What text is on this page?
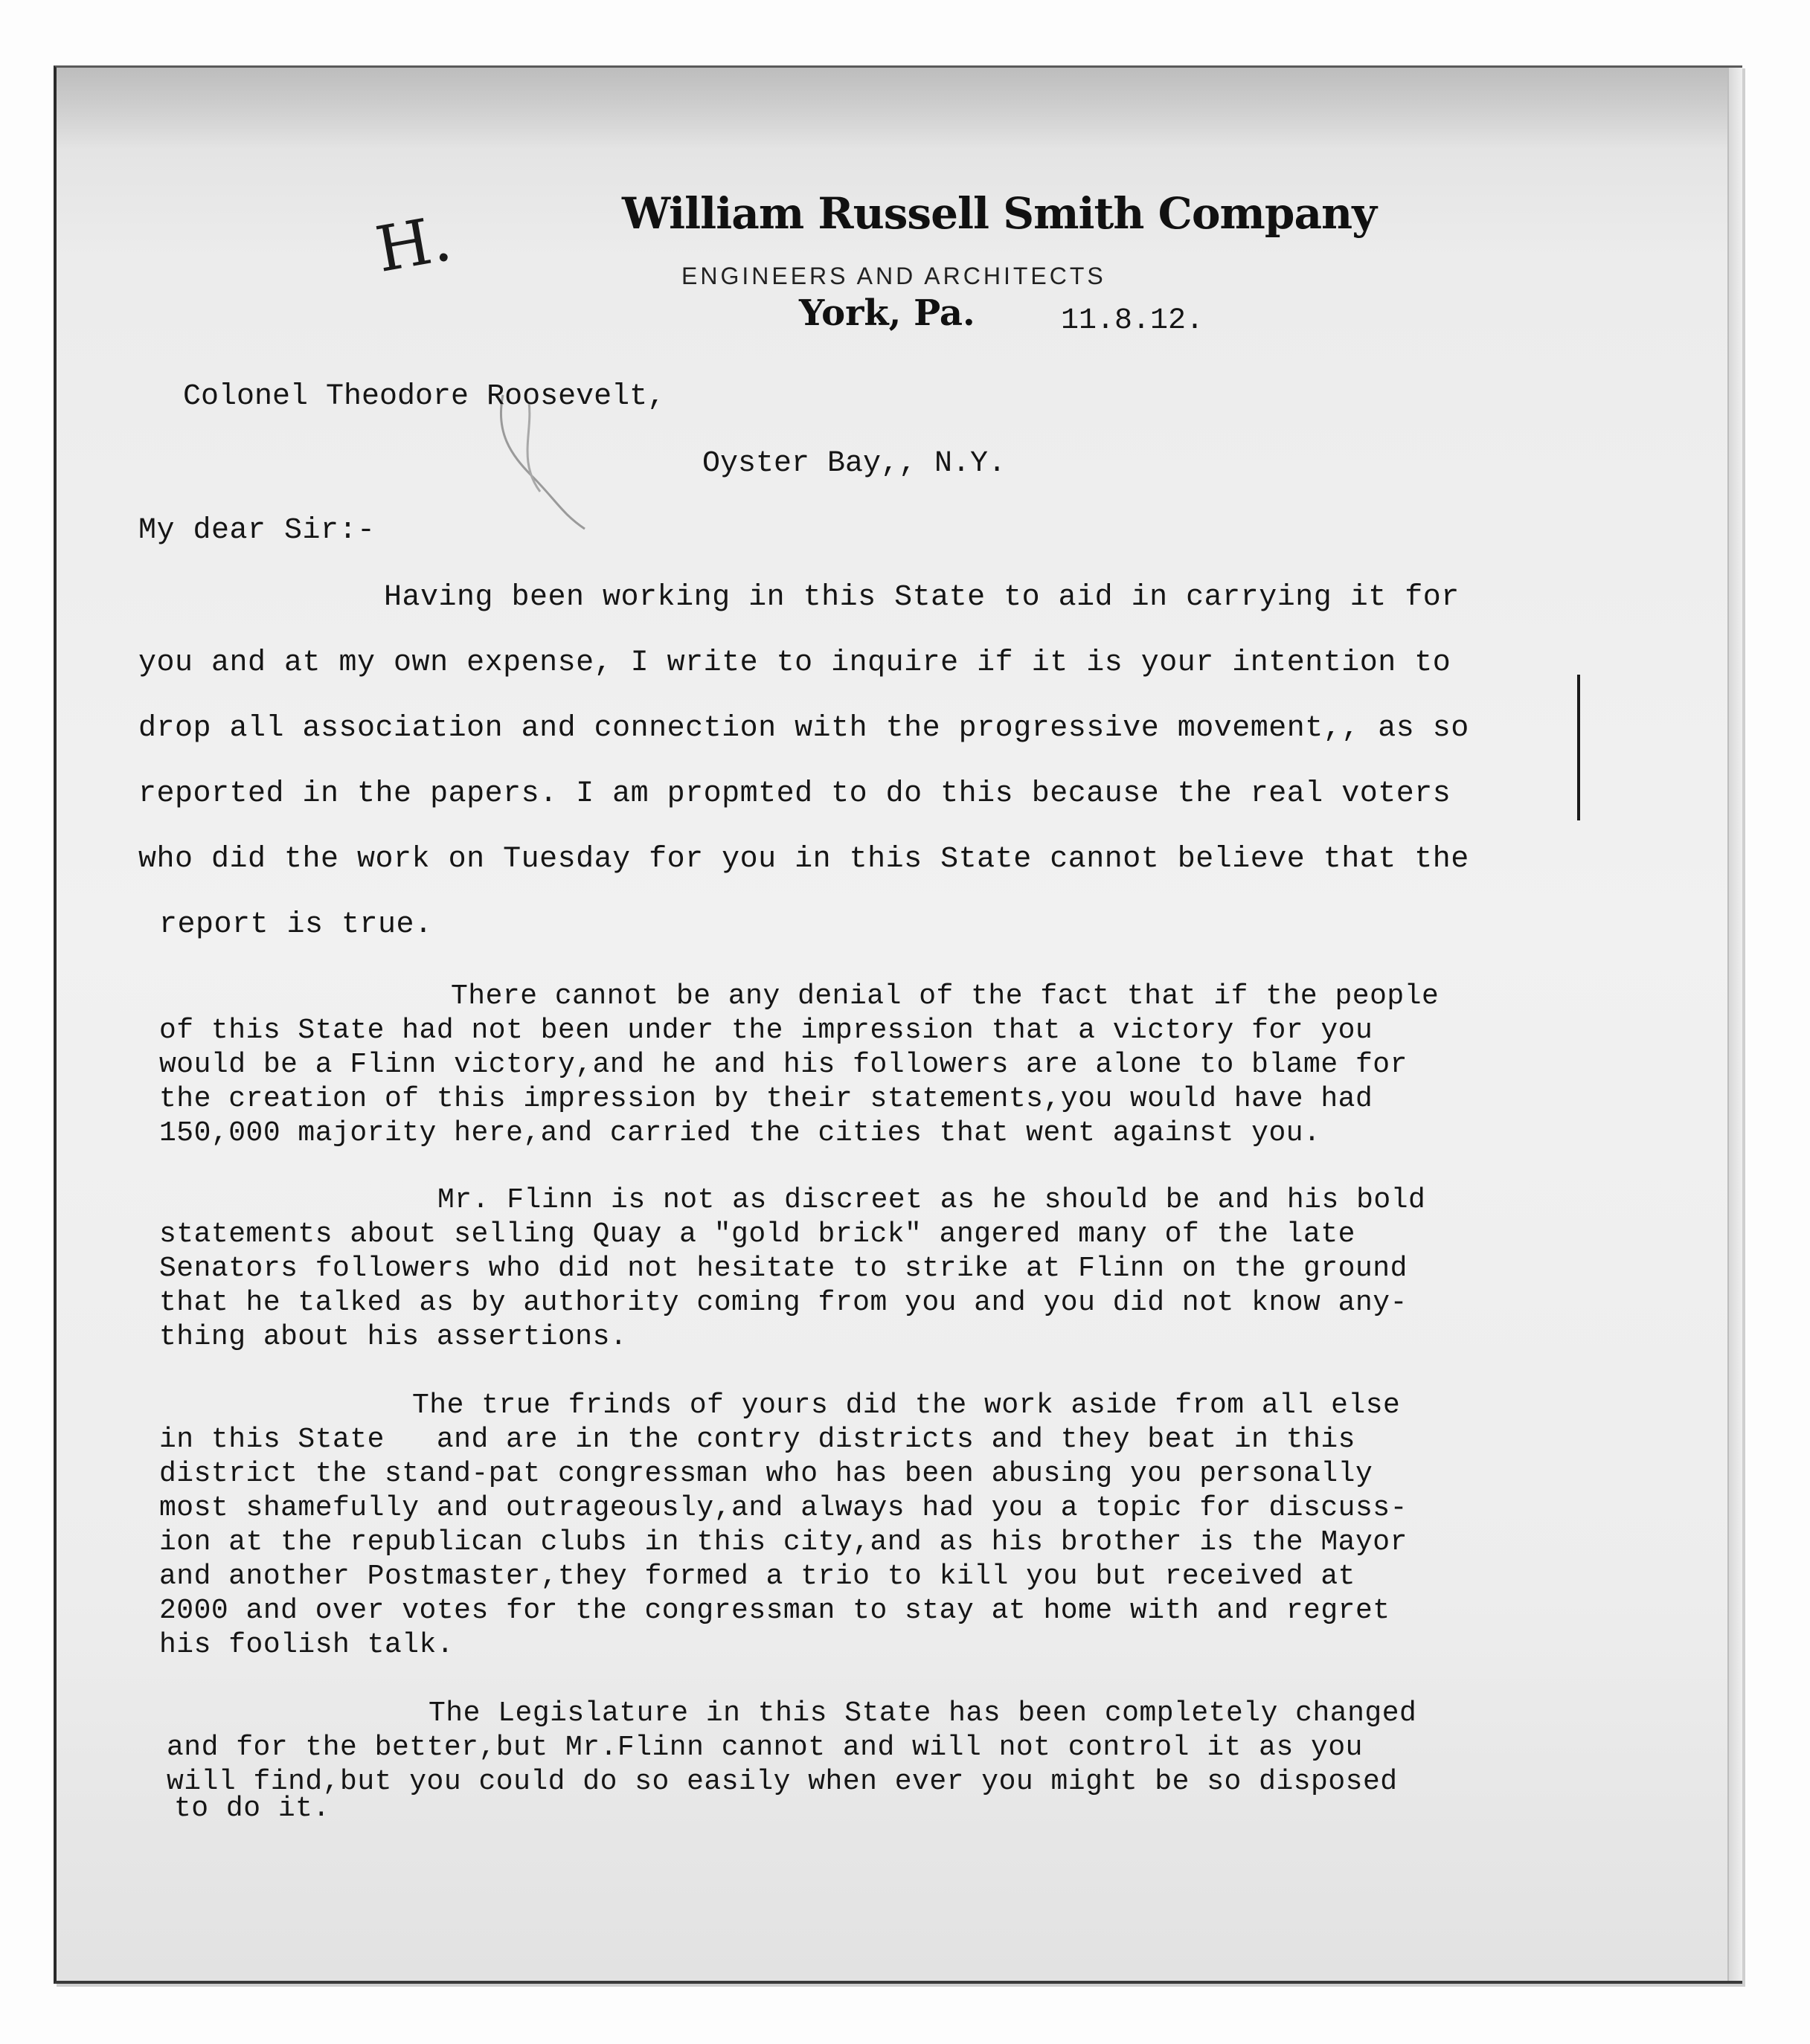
H.	William Russell Smith Company
ENGINEERS AND ARCHITECTS
York, Pa.	11.8.12.
Colonel Theodore Roosevelt,
Oyster Bay,, N.Y.
My dear Sir:-
Having been working in this State to aid in carrying it for
you and at my own expense, I write to inquire if it is your intention to
drop all association and connection with the progressive movement,, as so
reported in the papers. I am propmted to do this because the real voters
who did the work on Tuesday for you in this State cannot believe that the
report is true.
There cannot be any denial of the fact that if the people
of this State had not been under the impression that a victory for you
would be a Flinn victory,and he and his followers are alone to blame for
the creation of this impression by their statements,you would have had
150,000 majority here,and carried the cities that went against you.
Mr. Flinn is not as discreet as he should be and his bold
statements about selling Quay a "gold brick" angered many of the late
Senators followers who did not hesitate to strike at Flinn on the ground
that he talked as by authority coming from you and you did not know any-
thing about his assertions.
The true frinds of yours did the work aside from all else
in this State   and are in the contry districts and they beat in this
district the stand-pat congressman who has been abusing you personally
most shamefully and outrageously,and always had you a topic for discuss-
ion at the republican clubs in this city,and as his brother is the Mayor
and another Postmaster,they formed a trio to kill you but received at
2000 and over votes for the congressman to stay at home with and regret
his foolish talk.
The Legislature in this State has been completely changed
and for the better,but Mr.Flinn cannot and will not control it as you
will find,but you could do so easily when ever you might be so disposed
to do it.
